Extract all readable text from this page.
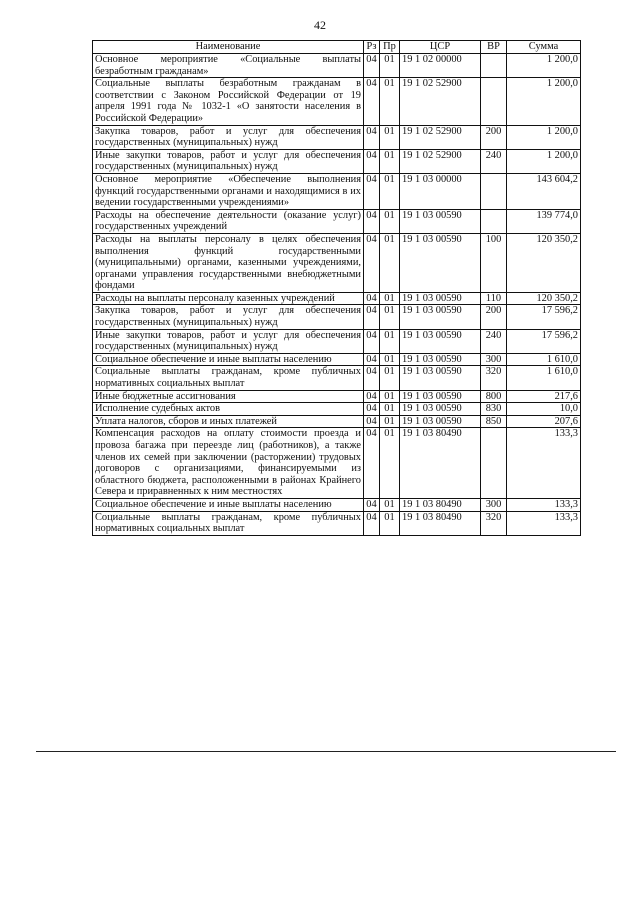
42
Наименование	Рз	Пр	ЦСР	ВР	Сумма
Основное мероприятие «Социальные выплаты безработным гражданам»	04	01	19 1 02 00000		1 200,0
Социальные выплаты безработным гражданам в соответствии с Законом Российской Федерации от 19 апреля 1991 года № 1032-1 «О занятости населения в Российской Федерации»	04	01	19 1 02 52900		1 200,0
Закупка товаров, работ и услуг для обеспечения государственных (муниципальных) нужд	04	01	19 1 02 52900	200	1 200,0
Иные закупки товаров, работ и услуг для обеспечения государственных (муниципальных) нужд	04	01	19 1 02 52900	240	1 200,0
Основное мероприятие «Обеспечение выполнения функций государственными органами и находящимися в их ведении государственными учреждениями»	04	01	19 1 03 00000		143 604,2
Расходы на обеспечение деятельности (оказание услуг) государственных учреждений	04	01	19 1 03 00590		139 774,0
Расходы на выплаты персоналу в целях обеспечения выполнения функций государственными (муниципальными) органами, казенными учреждениями, органами управления государственными внебюджетными фондами	04	01	19 1 03 00590	100	120 350,2
Расходы на выплаты персоналу казенных учреждений	04	01	19 1 03 00590	110	120 350,2
Закупка товаров, работ и услуг для обеспечения государственных (муниципальных) нужд	04	01	19 1 03 00590	200	17 596,2
Иные закупки товаров, работ и услуг для обеспечения государственных (муниципальных) нужд	04	01	19 1 03 00590	240	17 596,2
Социальное обеспечение и иные выплаты населению	04	01	19 1 03 00590	300	1 610,0
Социальные выплаты гражданам, кроме публичных нормативных социальных выплат	04	01	19 1 03 00590	320	1 610,0
Иные бюджетные ассигнования	04	01	19 1 03 00590	800	217,6
Исполнение судебных актов	04	01	19 1 03 00590	830	10,0
Уплата налогов, сборов и иных платежей	04	01	19 1 03 00590	850	207,6
Компенсация расходов на оплату стоимости проезда и провоза багажа при переезде лиц (работников), а также членов их семей при заключении (расторжении) трудовых договоров с организациями, финансируемыми из областного бюджета, расположенными в районах Крайнего Севера и приравненных к ним местностях	04	01	19 1 03 80490		133,3
Социальное обеспечение и иные выплаты населению	04	01	19 1 03 80490	300	133,3
Социальные выплаты гражданам, кроме публичных нормативных социальных выплат	04	01	19 1 03 80490	320	133,3
